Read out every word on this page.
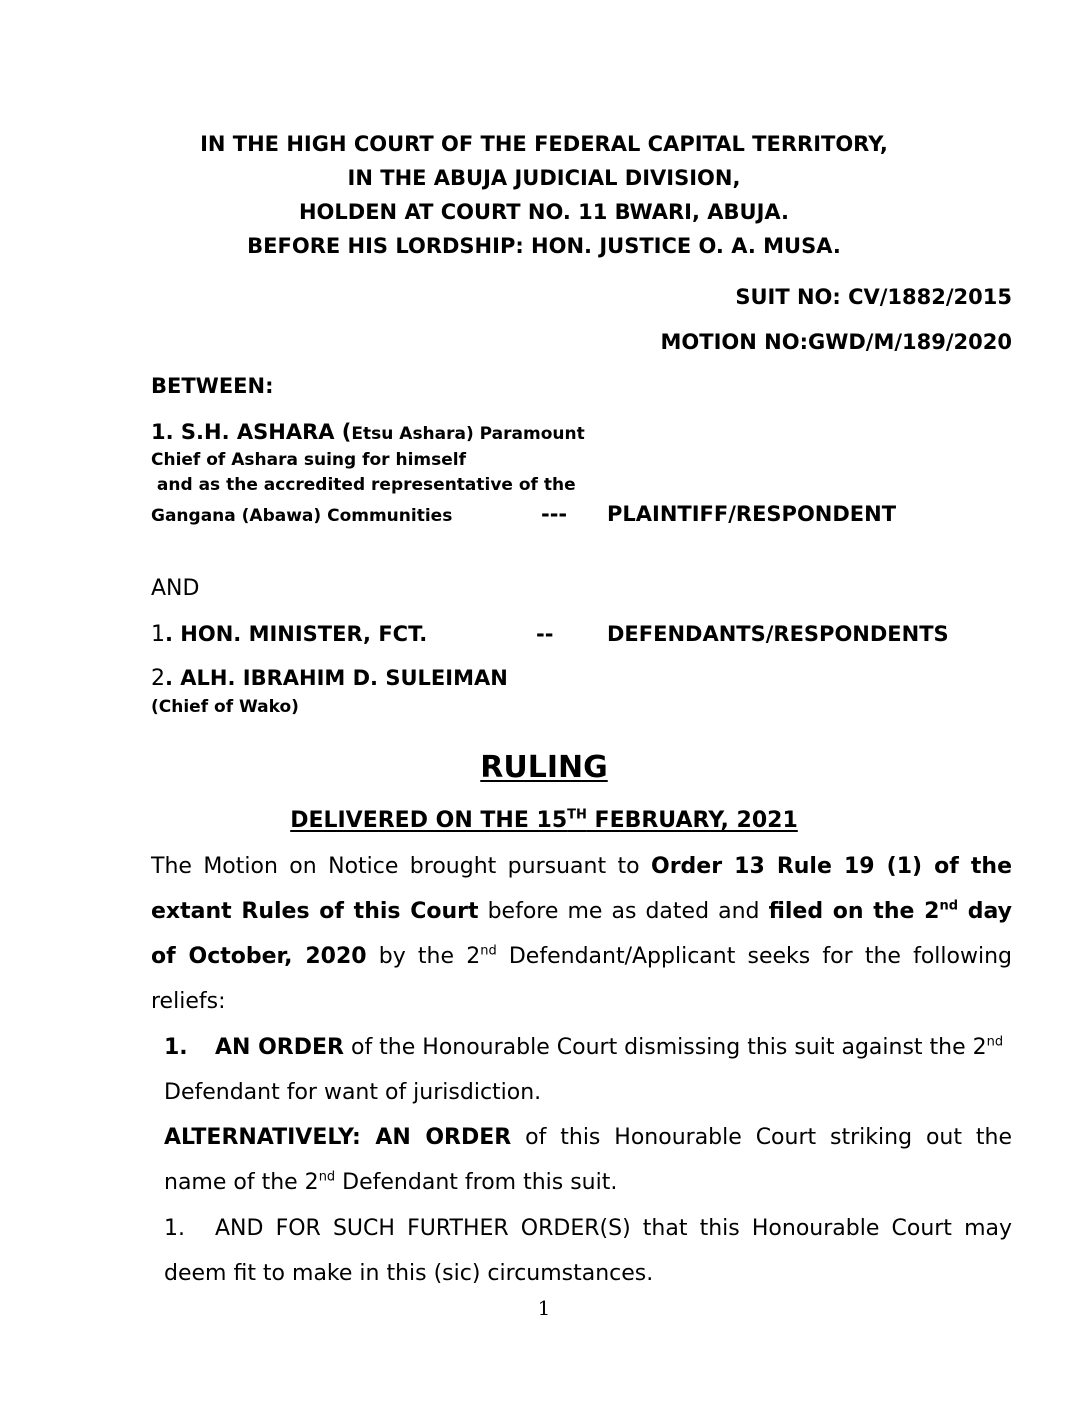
IN THE HIGH COURT OF THE FEDERAL CAPITAL TERRITORY,
IN THE ABUJA JUDICIAL DIVISION,
HOLDEN AT COURT NO. 11 BWARI, ABUJA.
BEFORE HIS LORDSHIP: HON. JUSTICE O. A. MUSA.
SUIT NO: CV/1882/2015
MOTION NO:GWD/M/189/2020
BETWEEN:
1. S.H. ASHARA (Etsu Ashara) Paramount
Chief of Ashara suing for himself
and as the accredited representative of the
Gangana (Abawa) Communities	--- PLAINTIFF/RESPONDENT
AND
1. HON. MINISTER, FCT.	--	DEFENDANTS/RESPONDENTS
2. ALH. IBRAHIM D. SULEIMAN
(Chief of Wako)
RULING
DELIVERED ON THE 15TH FEBRUARY, 2021
The Motion on Notice brought pursuant to Order 13 Rule 19 (1) of the
extant Rules of this Court before me as dated and filed on the 2nd day
of October, 2020 by the 2nd Defendant/Applicant seeks for the following
reliefs:
1. AN ORDER of the Honourable Court dismissing this suit against the 2nd
Defendant for want of jurisdiction.
ALTERNATIVELY: AN ORDER of this Honourable Court striking out the
name of the 2nd Defendant from this suit.
1. AND FOR SUCH FURTHER ORDER(S) that this Honourable Court may
deem fit to make in this (sic) circumstances.
1
